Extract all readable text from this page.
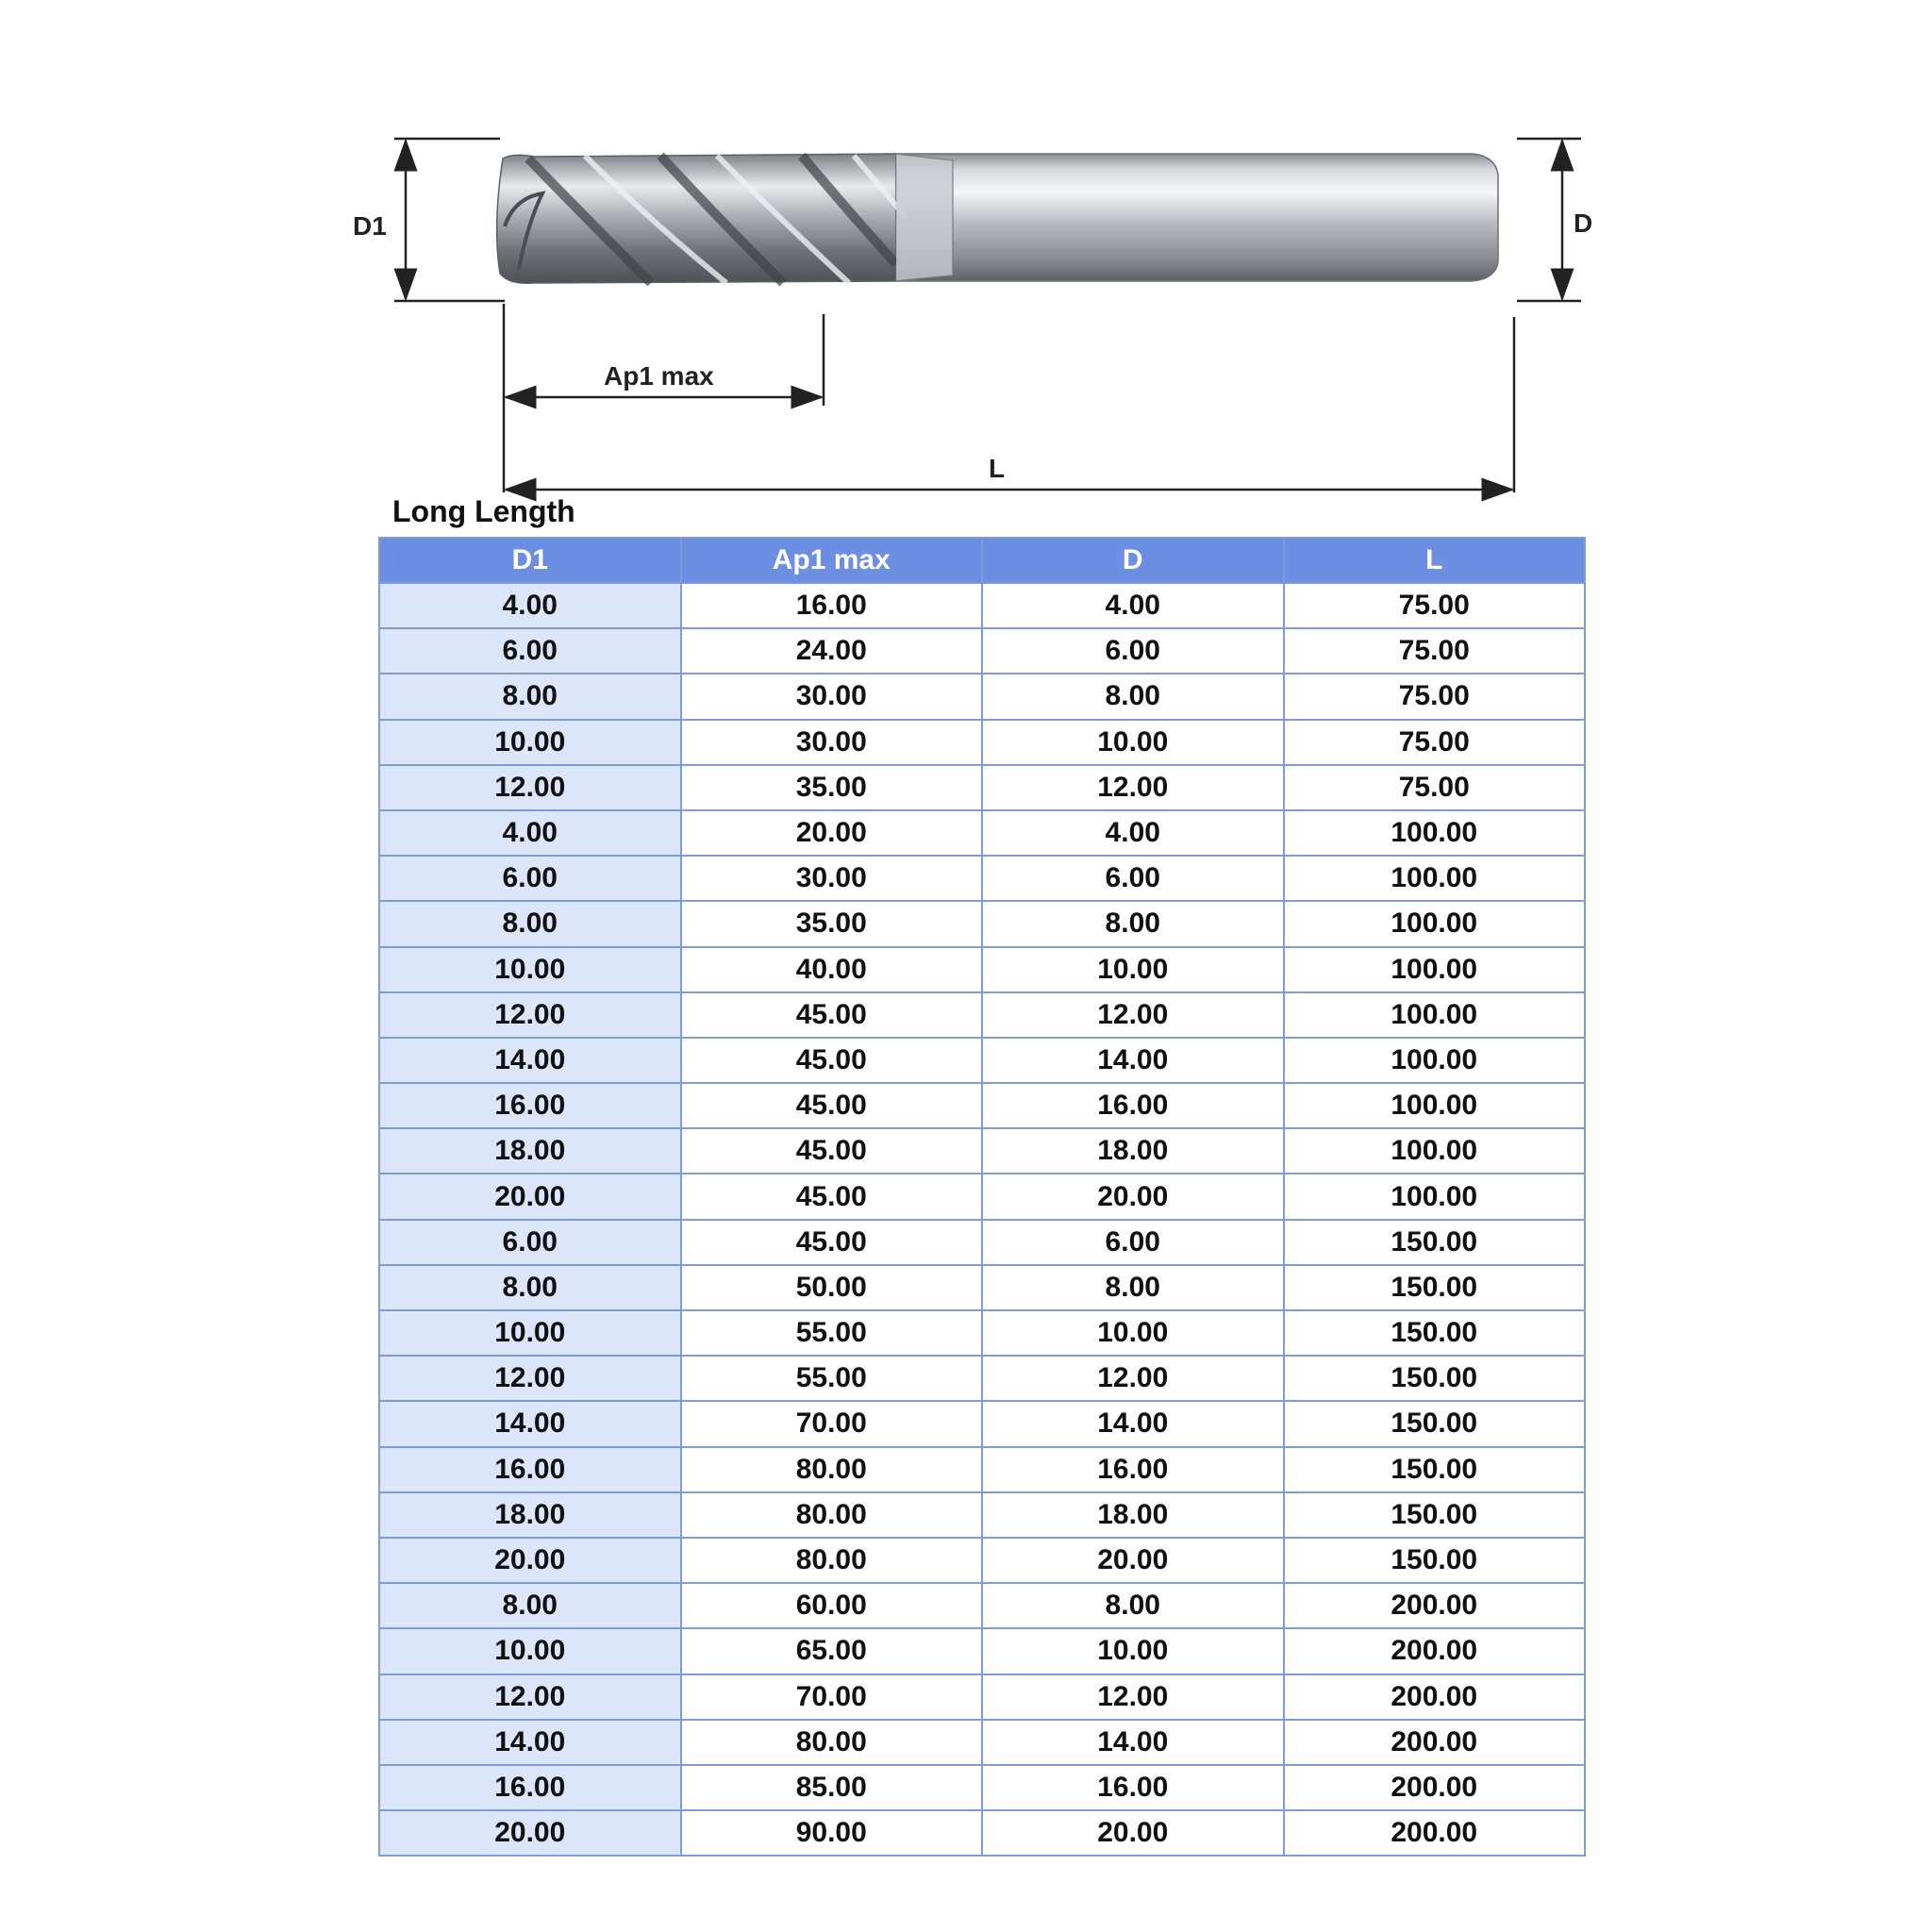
D1	D
Ap1 max
L
Long Length
D1	Ap1 max	D	L
4.00	16.00	4.00	75.00
6.00	24.00	6.00	75.00
8.00	30.00	8.00	75.00
10.00	30.00	10.00	75.00
12.00	35.00	12.00	75.00
4.00	20.00	4.00	100.00
6.00	30.00	6.00	100.00
8.00	35.00	8.00	100.00
10.00	40.00	10.00	100.00
12.00	45.00	12.00	100.00
14.00	45.00	14.00	100.00
16.00	45.00	16.00	100.00
18.00	45.00	18.00	100.00
20.00	45.00	20.00	100.00
6.00	45.00	6.00	150.00
8.00	50.00	8.00	150.00
10.00	55.00	10.00	150.00
12.00	55.00	12.00	150.00
14.00	70.00	14.00	150.00
16.00	80.00	16.00	150.00
18.00	80.00	18.00	150.00
20.00	80.00	20.00	150.00
8.00	60.00	8.00	200.00
10.00	65.00	10.00	200.00
12.00	70.00	12.00	200.00
14.00	80.00	14.00	200.00
16.00	85.00	16.00	200.00
20.00	90.00	20.00	200.00
